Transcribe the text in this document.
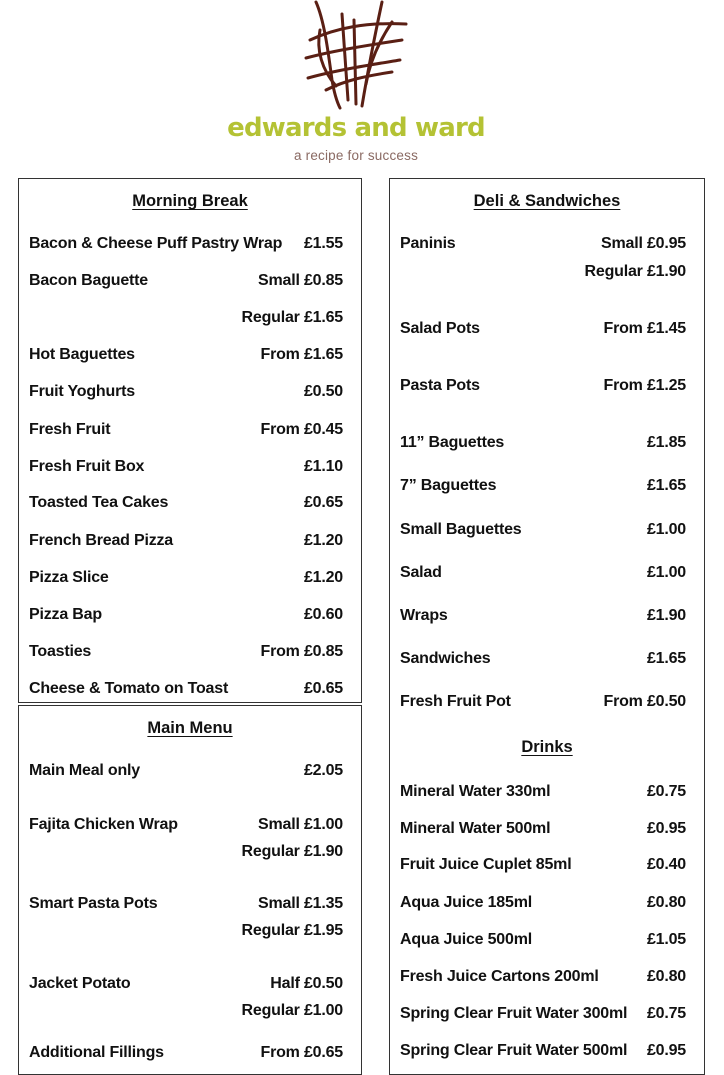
edwards and ward
a recipe for success
Morning Break
Bacon & Cheese Puff Pastry Wrap £1.55
Bacon Baguette	Small £0.85
Regular £1.65
Hot Baguettes	From £1.65
Fruit Yoghurts	£0.50
Fresh Fruit	From £0.45
Fresh Fruit Box	£1.10
Toasted Tea Cakes	£0.65
French Bread Pizza	£1.20
Pizza Slice	£1.20
Pizza Bap	£0.60
Toasties	From £0.85
Cheese & Tomato on Toast	£0.65
Main Menu
Main Meal only	£2.05
Fajita Chicken Wrap	Small £1.00
Regular £1.90
Smart Pasta Pots	Small £1.35
Regular £1.95
Jacket Potato	Half £0.50
Regular £1.00
Additional Fillings	From £0.65
Deli & Sandwiches
Paninis	Small £0.95
Regular £1.90
Salad Pots	From £1.45
Pasta Pots	From £1.25
11” Baguettes	£1.85
7” Baguettes	£1.65
Small Baguettes	£1.00
Salad	£1.00
Wraps	£1.90
Sandwiches	£1.65
Fresh Fruit Pot	From £0.50
Drinks
Mineral Water 330ml	£0.75
Mineral Water 500ml	£0.95
Fruit Juice Cuplet 85ml	£0.40
Aqua Juice 185ml	£0.80
Aqua Juice 500ml	£1.05
Fresh Juice Cartons 200ml	£0.80
Spring Clear Fruit Water 300ml £0.75
Spring Clear Fruit Water 500ml £0.95
